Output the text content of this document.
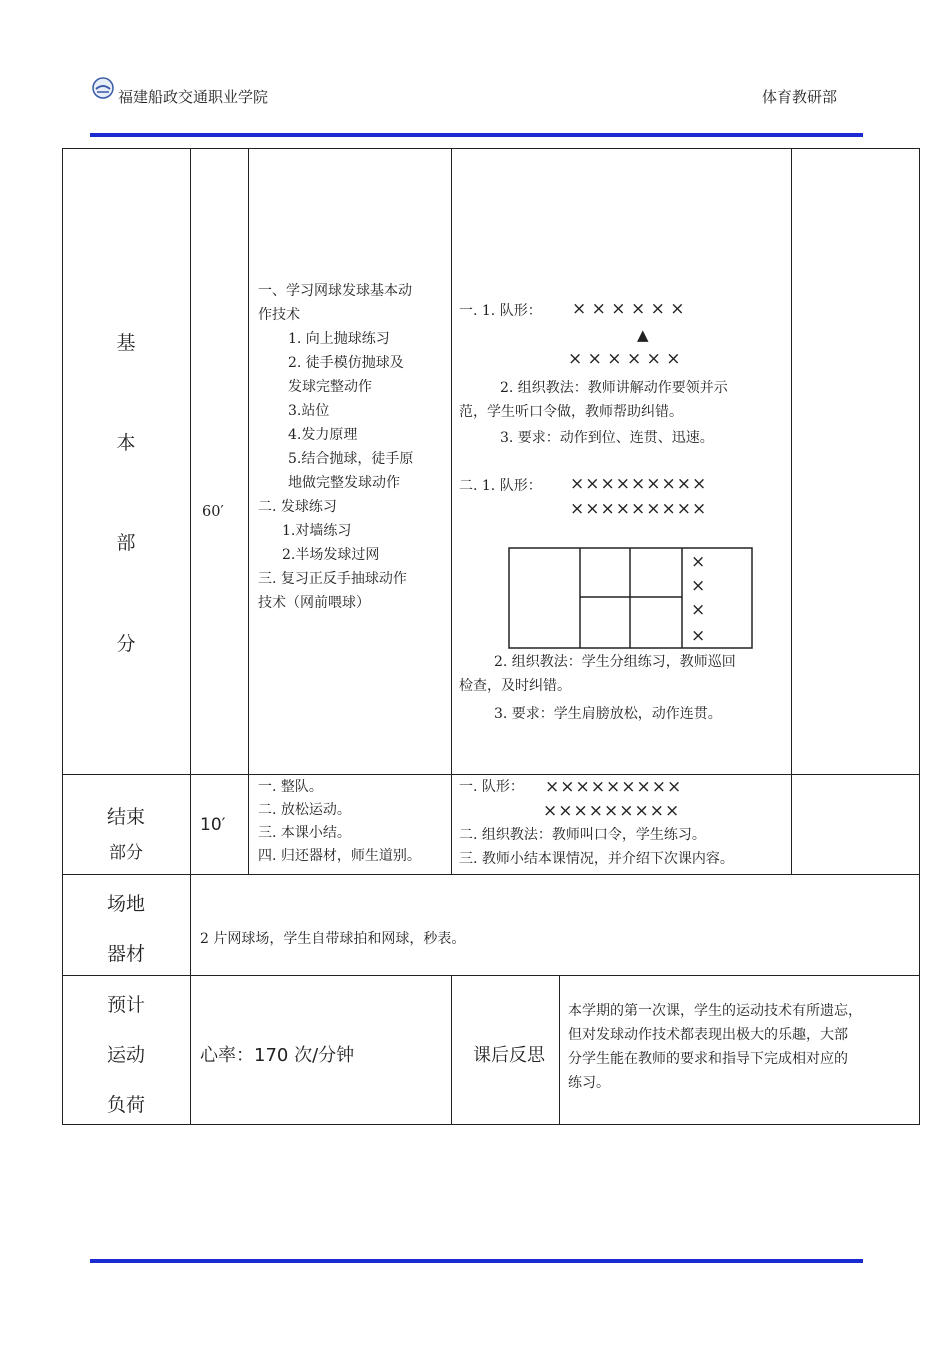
福建船政交通职业学院	体育教研部
基
本
部
分
60′
一、学习网球发球基本动
作技术
1. 向上抛球练习
2. 徒手模仿抛球及
发球完整动作
3.站位
4.发力原理
5.结合抛球，徒手原
地做完整发球动作
二. 发球练习
1.对墙练习
2.半场发球过网
三. 复习正反手抽球动作
技术（网前喂球）
一. 1. 队形： × × × × × ×
▲
× × × × × ×
2. 组织教法：教师讲解动作要领并示
范，学生听口令做，教师帮助纠错。
3. 要求：动作到位、连贯、迅速。
二. 1. 队形： ×××××××××
×××××××××
×
×
×
×
2. 组织教法：学生分组练习，教师巡回
检查，及时纠错。
3. 要求：学生肩膀放松，动作连贯。
结束
部分
10′
一. 整队。
二. 放松运动。
三. 本课小结。
四. 归还器材，师生道别。
一. 队形： ×××××××××
×××××××××
二. 组织教法：教师叫口令，学生练习。
三. 教师小结本课情况，并介绍下次课内容。
场地
器材
2 片网球场，学生自带球拍和网球，秒表。
预计
运动
负荷
心率：170 次/分钟	课后反思
本学期的第一次课，学生的运动技术有所遗忘，
但对发球动作技术都表现出极大的乐趣，大部
分学生能在教师的要求和指导下完成相对应的
练习。
